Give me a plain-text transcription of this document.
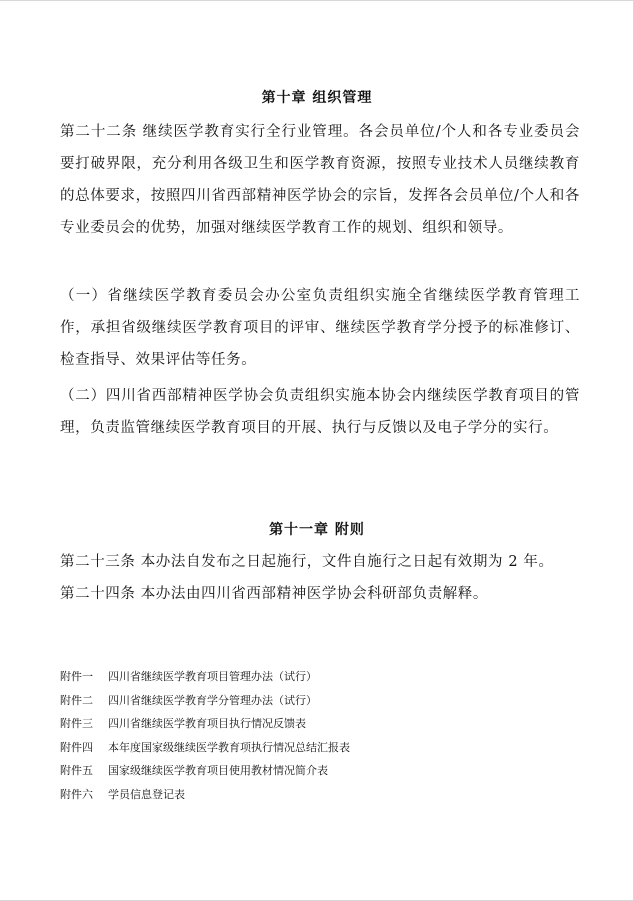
第十章 组织管理

第二十二条 继续医学教育实行全行业管理。各会员单位/个人和各专业委员会要打破界限，充分利用各级卫生和医学教育资源，按照专业技术人员继续教育的总体要求，按照四川省西部精神医学协会的宗旨，发挥各会员单位/个人和各专业委员会的优势，加强对继续医学教育工作的规划、组织和领导。

（一）省继续医学教育委员会办公室负责组织实施全省继续医学教育管理工作，承担省级继续医学教育项目的评审、继续医学教育学分授予的标准修订、检查指导、效果评估等任务。

（二）四川省西部精神医学协会负责组织实施本协会内继续医学教育项目的管理，负责监管继续医学教育项目的开展、执行与反馈以及电子学分的实行。

第十一章 附则

第二十三条 本办法自发布之日起施行，文件自施行之日起有效期为 2 年。

第二十四条 本办法由四川省西部精神医学协会科研部负责解释。

附件一 四川省继续医学教育项目管理办法（试行）
附件二 四川省继续医学教育学分管理办法（试行）
附件三 四川省继续医学教育项目执行情况反馈表
附件四 本年度国家级继续医学教育项执行情况总结汇报表
附件五 国家级继续医学教育项目使用教材情况简介表
附件六 学员信息登记表
